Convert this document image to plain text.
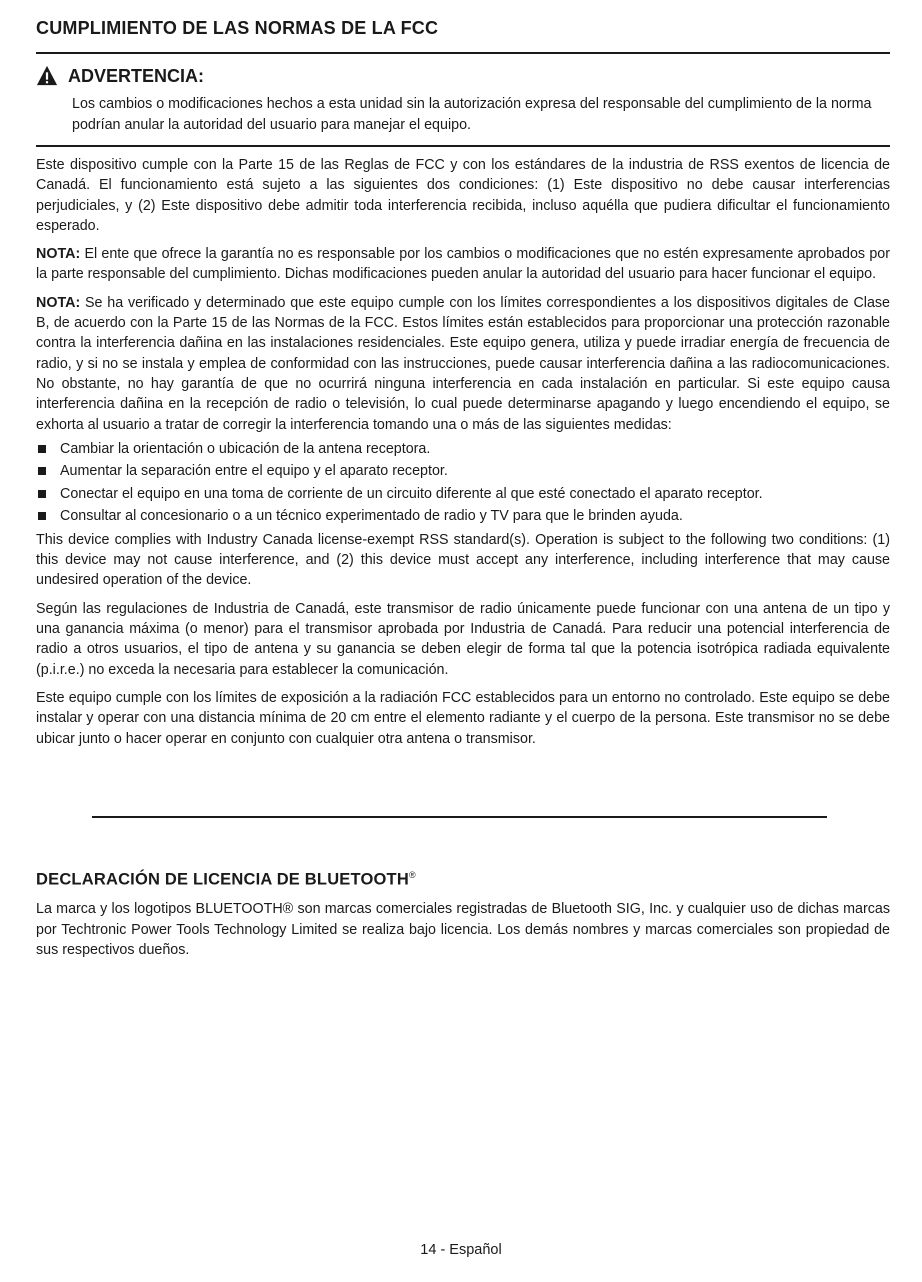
CUMPLIMIENTO DE LAS NORMAS DE LA FCC
ADVERTENCIA:
Los cambios o modificaciones hechos a esta unidad sin la autorización expresa del responsable del cumplimiento de la norma podrían anular la autoridad del usuario para manejar el equipo.

Este dispositivo cumple con la Parte 15 de las Reglas de FCC y con los estándares de la industria de RSS exentos de licencia de Canadá. El funcionamiento está sujeto a las siguientes dos condiciones: (1) Este dispositivo no debe causar interferencias perjudiciales, y (2) Este dispositivo debe admitir toda interferencia recibida, incluso aquélla que pudiera dificultar el funcionamiento esperado.

NOTA: El ente que ofrece la garantía no es responsable por los cambios o modificaciones que no estén expresamente aprobados por la parte responsable del cumplimiento. Dichas modificaciones pueden anular la autoridad del usuario para hacer funcionar el equipo.

NOTA: Se ha verificado y determinado que este equipo cumple con los límites correspondientes a los dispositivos digitales de Clase B, de acuerdo con la Parte 15 de las Normas de la FCC. Estos límites están establecidos para proporcionar una protección razonable contra la interferencia dañina en las instalaciones residenciales. Este equipo genera, utiliza y puede irradiar energía de frecuencia de radio, y si no se instala y emplea de conformidad con las instrucciones, puede causar interferencia dañina a las radiocomunicaciones. No obstante, no hay garantía de que no ocurrirá ninguna interferencia en cada instalación en particular. Si este equipo causa interferencia dañina en la recepción de radio o televisión, lo cual puede determinarse apagando y luego encendiendo el equipo, se exhorta al usuario a tratar de corregir la interferencia tomando una o más de las siguientes medidas:

Cambiar la orientación o ubicación de la antena receptora.
Aumentar la separación entre el equipo y el aparato receptor.
Conectar el equipo en una toma de corriente de un circuito diferente al que esté conectado el aparato receptor.
Consultar al concesionario o a un técnico experimentado de radio y TV para que le brinden ayuda.

This device complies with Industry Canada license-exempt RSS standard(s). Operation is subject to the following two conditions: (1) this device may not cause interference, and (2) this device must accept any interference, including interference that may cause undesired operation of the device.

Según las regulaciones de Industria de Canadá, este transmisor de radio únicamente puede funcionar con una antena de un tipo y una ganancia máxima (o menor) para el transmisor aprobada por Industria de Canadá. Para reducir una potencial interferencia de radio a otros usuarios, el tipo de antena y su ganancia se deben elegir de forma tal que la potencia isotrópica radiada equivalente (p.i.r.e.) no exceda la necesaria para establecer la comunicación.

Este equipo cumple con los límites de exposición a la radiación FCC establecidos para un entorno no controlado. Este equipo se debe instalar y operar con una distancia mínima de 20 cm entre el elemento radiante y el cuerpo de la persona. Este transmisor no se debe ubicar junto o hacer operar en conjunto con cualquier otra antena o transmisor.

DECLARACIÓN DE LICENCIA DE BLUETOOTH®

La marca y los logotipos BLUETOOTH® son marcas comerciales registradas de Bluetooth SIG, Inc. y cualquier uso de dichas marcas por Techtronic Power Tools Technology Limited se realiza bajo licencia. Los demás nombres y marcas comerciales son propiedad de sus respectivos dueños.

14 - Español
